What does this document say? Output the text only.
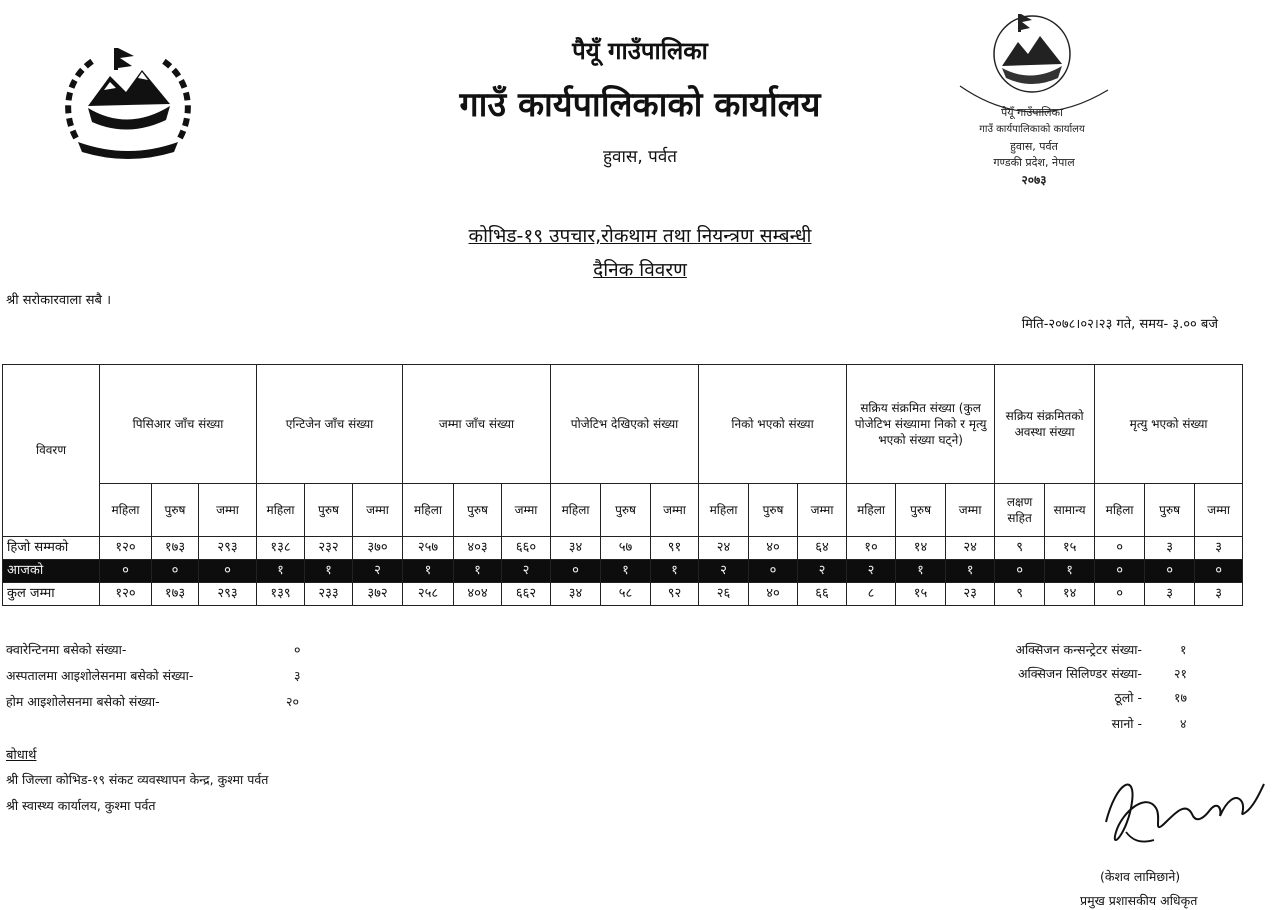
पैयूँ गाउँपालिका
गाउँ कार्यपालिकाको कार्यालय
हुवास, पर्वत
गण्डकी प्रदेश, नेपाल
२०७३
पैयूँ गाउँपालिका
गाउँ कार्यपालिकाको कार्यालय
हुवास, पर्वत
कोभिड-१९ उपचार,रोकथाम तथा नियन्त्रण सम्बन्धी
दैनिक विवरण
श्री सरोकारवाला सबै ।
मिति-२०७८।०२।२३ गते, समय- ३.०० बजे
विवरण	पिसिआर जाँच संख्या			एन्टिजेन जाँच संख्या			जम्मा जाँच संख्या			पोजेटिभ देखिएको संख्या			निको भएको संख्या			सक्रिय संक्रमित संख्या (कुल पोजेटिभ संख्यामा निको र मृत्यु भएको संख्या घट्ने)			सक्रिय संक्रमितको अवस्था संख्या		मृत्यु भएको संख्या		
	महिला	पुरुष	जम्मा	महिला	पुरुष	जम्मा	महिला	पुरुष	जम्मा	महिला	पुरुष	जम्मा	महिला	पुरुष	जम्मा	महिला	पुरुष	जम्मा	लक्षण सहित	सामान्य	महिला	पुरुष	जम्मा
हिजो सम्मको	१२०	१७३	२९३	१३८	२३२	३७०	२५७	४०३	६६०	३४	५७	९१	२४	४०	६४	१०	१४	२४	९	१५	०	३	३
आजको	०	०	०	१	१	२	१	१	२	०	१	१	२	०	२	२	१	१	०	१	०	०	०
कुल जम्मा	१२०	१७३	२९३	१३९	२३३	३७२	२५८	४०४	६६२	३४	५८	९२	२६	४०	६६	८	१५	२३	९	१४	०	३	३
क्वारेन्टिनमा बसेको संख्या-	०
अस्पतालमा आइशोलेसनमा बसेको संख्या-	३
होम आइशोलेसनमा बसेको संख्या-	२०
अक्सिजन कन्सन्ट्रेटर संख्या-	१
अक्सिजन सिलिण्डर संख्या-	२१
ठूलो -	१७
सानो -	४
बोधार्थ
श्री जिल्ला कोभिड-१९ संकट व्यवस्थापन केन्द्र, कुश्मा पर्वत
श्री स्वास्थ्य कार्यालय, कुश्मा पर्वत
(केशव लामिछाने)
प्रमुख प्रशासकीय अधिकृत
